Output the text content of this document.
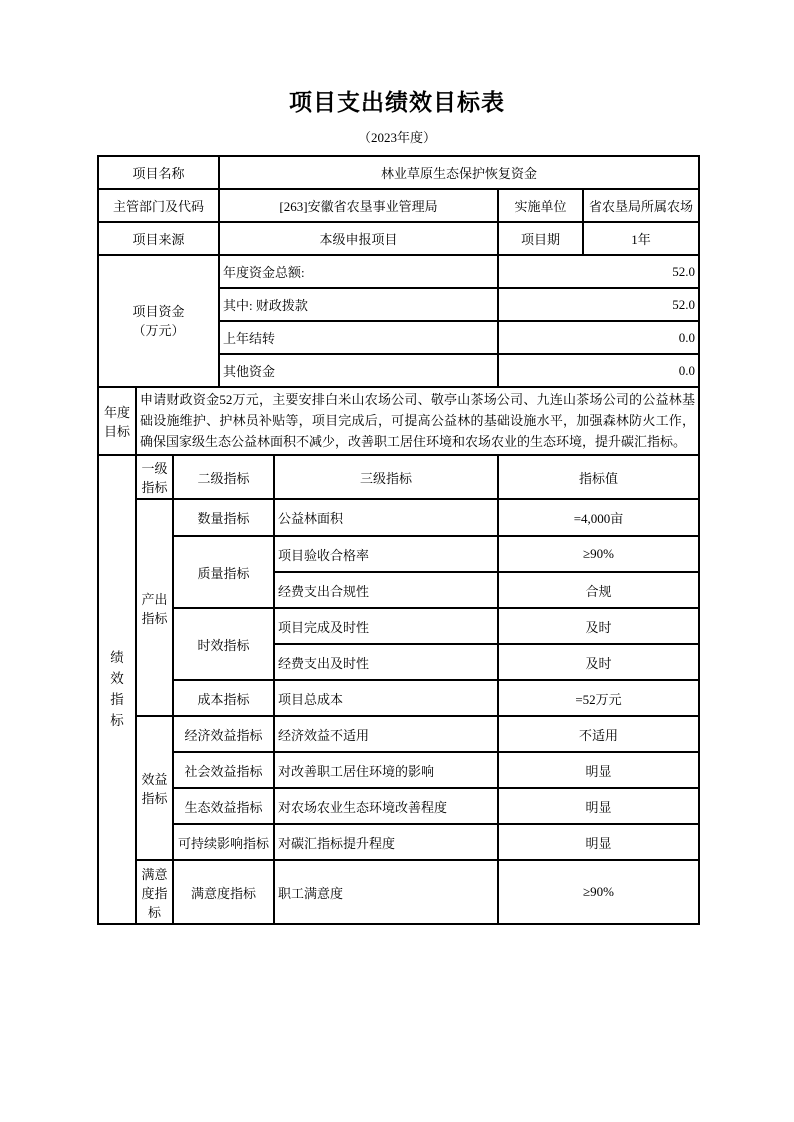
项目支出绩效目标表

（2023年度）

项目名称			林业草原生态保护恢复资金			
主管部门及代码			[263]安徽省农垦事业管理局		实施单位	省农垦局所属农场
项目来源			本级申报项目		项目期	1年
项目资金（万元）			年度资金总额:		52.0	
			其中: 财政拨款		52.0	
			上年结转		0.0	
			其他资金		0.0	
年度目标	申请财政资金52万元，主要安排白米山农场公司、敬亭山茶场公司、九连山茶场公司的公益林基础设施维护、护林员补贴等，项目完成后，可提高公益林的基础设施水平，加强森林防火工作，确保国家级生态公益林面积不减少，改善职工居住环境和农场农业的生态环境，提升碳汇指标。					
绩效指标	一级指标	二级指标		三级指标	指标值	
	产出指标	数量指标		公益林面积	=4,000亩	
		质量指标		项目验收合格率	≥90%	
				经费支出合规性	合规	
		时效指标		项目完成及时性	及时	
				经费支出及时性	及时	
		成本指标		项目总成本	=52万元	
	效益指标	经济效益指标		经济效益不适用	不适用	
		社会效益指标		对改善职工居住环境的影响	明显	
		生态效益指标		对农场农业生态环境改善程度	明显	
		可持续影响指标		对碳汇指标提升程度	明显	
	满意度指标	满意度指标		职工满意度	≥90%	
